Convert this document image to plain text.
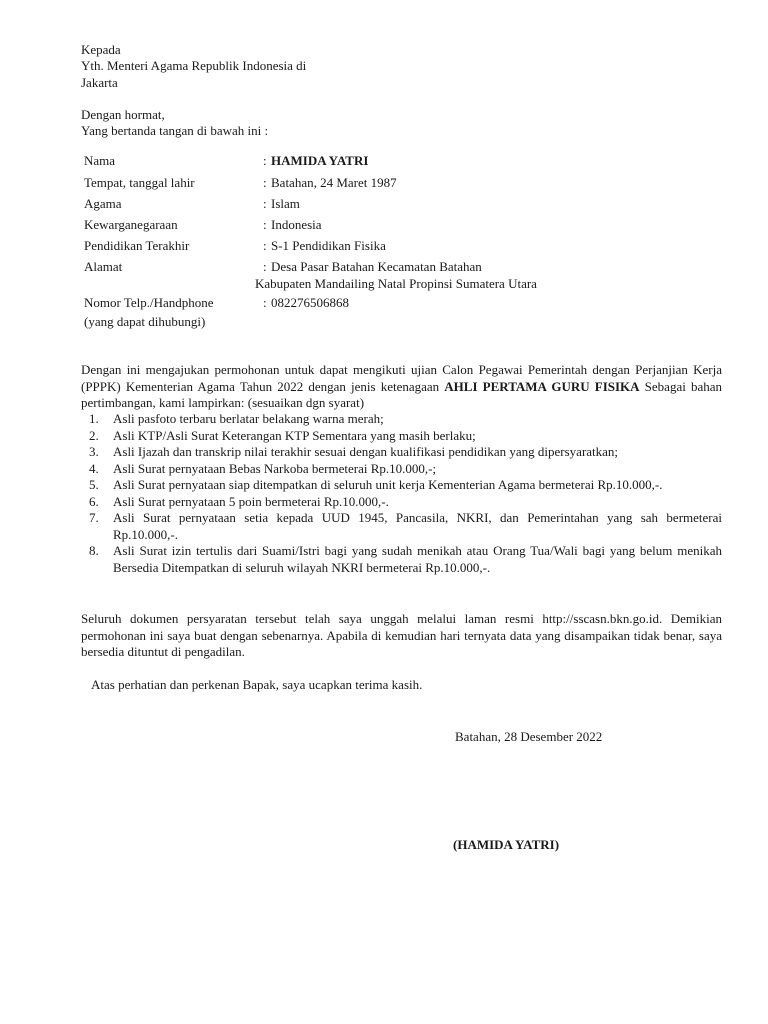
Kepada
Yth. Menteri Agama Republik Indonesia di
Jakarta
Dengan hormat,
Yang bertanda tangan di bawah ini :
Nama	: HAMIDA YATRI
Tempat, tanggal lahir	: Batahan, 24 Maret 1987
Agama	: Islam
Kewarganegaraan	: Indonesia
Pendidikan Terakhir	: S-1 Pendidikan Fisika
Alamat	: Desa Pasar Batahan Kecamatan Batahan
Kabupaten Mandailing Natal Propinsi Sumatera Utara
Nomor Telp./Handphone	: 082276506868
(yang dapat dihubungi)
Dengan ini mengajukan permohonan untuk dapat mengikuti ujian Calon Pegawai Pemerintah dengan Perjanjian Kerja (PPPK) Kementerian Agama Tahun 2022 dengan jenis ketenagaan AHLI PERTAMA GURU FISIKA Sebagai bahan pertimbangan, kami lampirkan: (sesuaikan dgn syarat)
1. Asli pasfoto terbaru berlatar belakang warna merah;
2. Asli KTP/Asli Surat Keterangan KTP Sementara yang masih berlaku;
3. Asli Ijazah dan transkrip nilai terakhir sesuai dengan kualifikasi pendidikan yang dipersyaratkan;
4. Asli Surat pernyataan Bebas Narkoba bermeterai Rp.10.000,-;
5. Asli Surat pernyataan siap ditempatkan di seluruh unit kerja Kementerian Agama bermeterai Rp.10.000,-.
6. Asli Surat pernyataan 5 poin bermeterai Rp.10.000,-.
7. Asli Surat pernyataan setia kepada UUD 1945, Pancasila, NKRI, dan Pemerintahan yang sah bermeterai Rp.10.000,-.
8. Asli Surat izin tertulis dari Suami/Istri bagi yang sudah menikah atau Orang Tua/Wali bagi yang belum menikah Bersedia Ditempatkan di seluruh wilayah NKRI bermeterai Rp.10.000,-.
Seluruh dokumen persyaratan tersebut telah saya unggah melalui laman resmi http://sscasn.bkn.go.id. Demikian permohonan ini saya buat dengan sebenarnya. Apabila di kemudian hari ternyata data yang disampaikan tidak benar, saya bersedia dituntut di pengadilan.
Atas perhatian dan perkenan Bapak, saya ucapkan terima kasih.
Batahan, 28 Desember 2022
(HAMIDA YATRI)
